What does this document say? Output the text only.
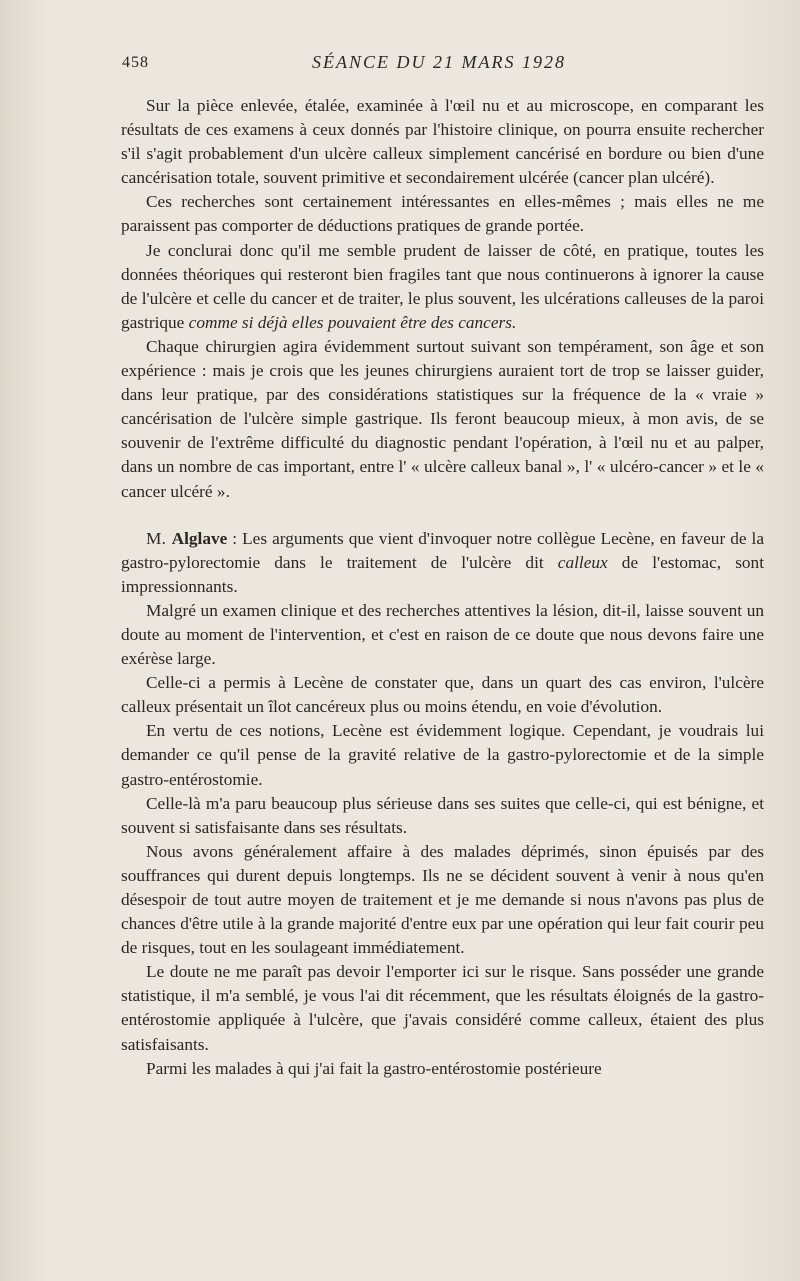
458	SÉANCE DU 21 MARS 1928

Sur la pièce enlevée, étalée, examinée à l'œil nu et au microscope, en comparant les résultats de ces examens à ceux donnés par l'histoire clinique, on pourra ensuite rechercher s'il s'agit probablement d'un ulcère calleux simplement cancérisé en bordure ou bien d'une cancérisation totale, souvent primitive et secondairement ulcérée (cancer plan ulcéré).

Ces recherches sont certainement intéressantes en elles-mêmes ; mais elles ne me paraissent pas comporter de déductions pratiques de grande portée.

Je conclurai donc qu'il me semble prudent de laisser de côté, en pratique, toutes les données théoriques qui resteront bien fragiles tant que nous continuerons à ignorer la cause de l'ulcère et celle du cancer et de traiter, le plus souvent, les ulcérations calleuses de la paroi gastrique comme si déjà elles pouvaient être des cancers.

Chaque chirurgien agira évidemment surtout suivant son tempérament, son âge et son expérience : mais je crois que les jeunes chirurgiens auraient tort de trop se laisser guider, dans leur pratique, par des considérations statistiques sur la fréquence de la « vraie » cancérisation de l'ulcère simple gastrique. Ils feront beaucoup mieux, à mon avis, de se souvenir de l'extrême difficulté du diagnostic pendant l'opération, à l'œil nu et au palper, dans un nombre de cas important, entre l' « ulcère calleux banal », l' « ulcéro-cancer » et le « cancer ulcéré ».

M. Alglave : Les arguments que vient d'invoquer notre collègue Lecène, en faveur de la gastro-pylorectomie dans le traitement de l'ulcère dit calleux de l'estomac, sont impressionnants.

Malgré un examen clinique et des recherches attentives la lésion, dit-il, laisse souvent un doute au moment de l'intervention, et c'est en raison de ce doute que nous devons faire une exérèse large.

Celle-ci a permis à Lecène de constater que, dans un quart des cas environ, l'ulcère calleux présentait un îlot cancéreux plus ou moins étendu, en voie d'évolution.

En vertu de ces notions, Lecène est évidemment logique. Cependant, je voudrais lui demander ce qu'il pense de la gravité relative de la gastro-pylorectomie et de la simple gastro-entérostomie.

Celle-là m'a paru beaucoup plus sérieuse dans ses suites que celle-ci, qui est bénigne, et souvent si satisfaisante dans ses résultats.

Nous avons généralement affaire à des malades déprimés, sinon épuisés par des souffrances qui durent depuis longtemps. Ils ne se décident souvent à venir à nous qu'en désespoir de tout autre moyen de traitement et je me demande si nous n'avons pas plus de chances d'être utile à la grande majorité d'entre eux par une opération qui leur fait courir peu de risques, tout en les soulageant immédiatement.

Le doute ne me paraît pas devoir l'emporter ici sur le risque. Sans posséder une grande statistique, il m'a semblé, je vous l'ai dit récemment, que les résultats éloignés de la gastro-entérostomie appliquée à l'ulcère, que j'avais considéré comme calleux, étaient des plus satisfaisants.

Parmi les malades à qui j'ai fait la gastro-entérostomie postérieure
